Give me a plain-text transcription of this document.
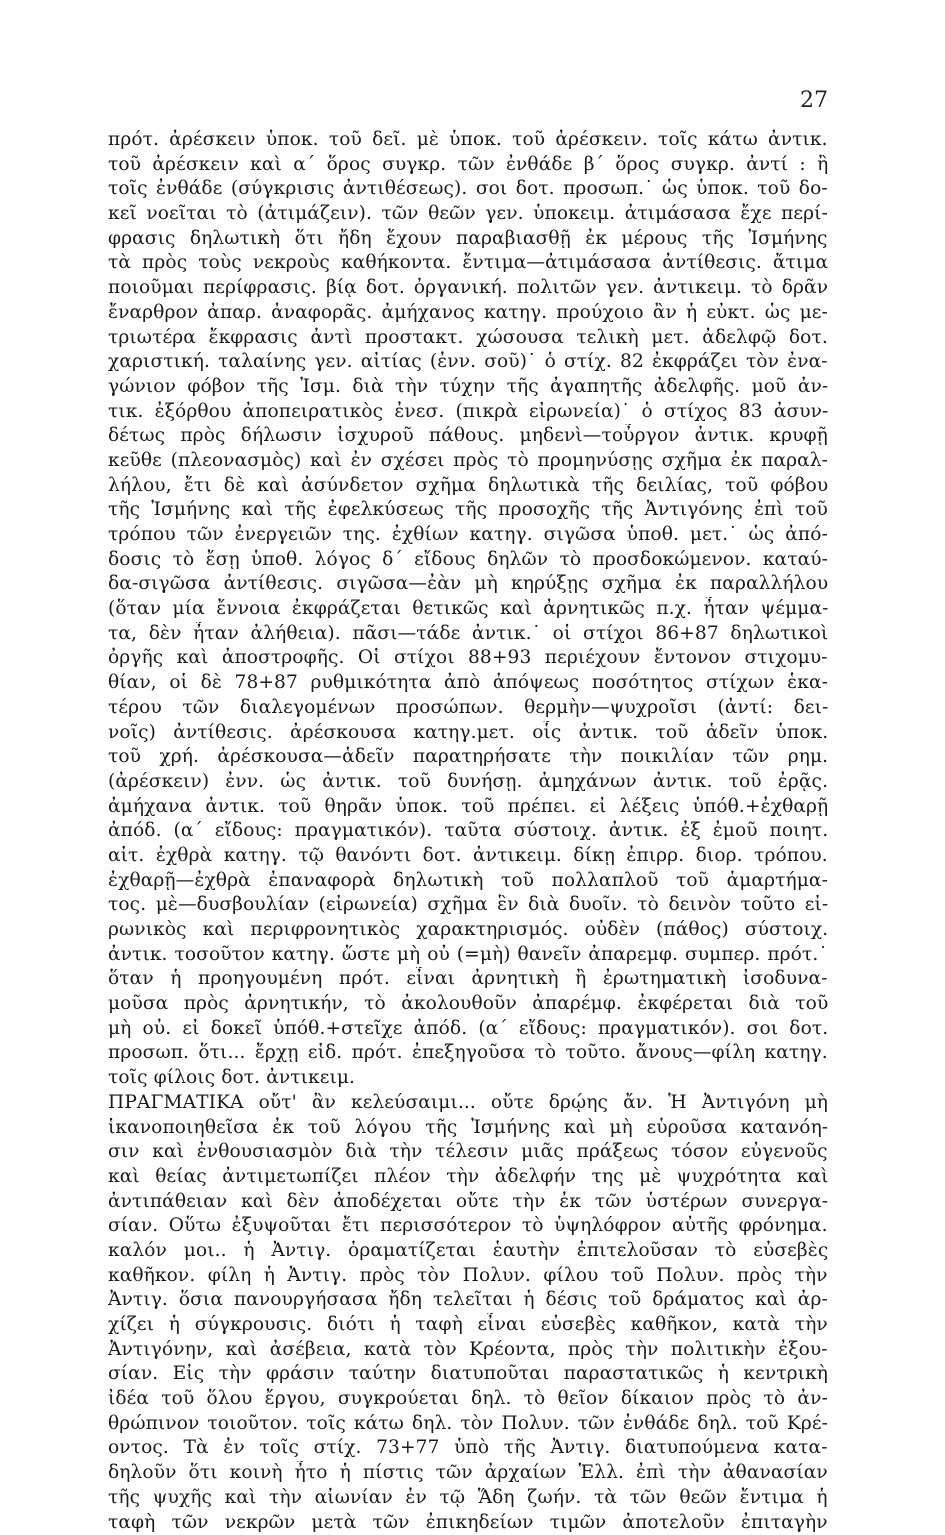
27
πρότ. ἀρέσκειν ὑποκ. τοῦ δεῖ. μὲ ὑποκ. τοῦ ἀρέσκειν. τοῖς κάτω ἀντικ.
τοῦ ἀρέσκειν καὶ α΄ ὅρος συγκρ. τῶν ἐνθάδε β΄ ὅρος συγκρ. ἀντί : ἢ
τοῖς ἐνθάδε (σύγκρισις ἀντιθέσεως). σοι δοτ. προσωπ.˙ ὡς ὑποκ. τοῦ δο-
κεῖ νοεῖται τὸ (ἀτιμάζειν). τῶν θεῶν γεν. ὑποκειμ. ἀτιμάσασα ἔχε περί-
φρασις δηλωτικὴ ὅτι ἤδη ἔχουν παραβιασθῇ ἐκ μέρους τῆς Ἰσμήνης
τὰ πρὸς τοὺς νεκροὺς καθήκοντα. ἔντιμα—ἀτιμάσασα ἀντίθεσις. ἄτιμα
ποιοῦμαι περίφρασις. βίᾳ δοτ. ὀργανική. πολιτῶν γεν. ἀντικειμ. τὸ δρᾶν
ἔναρθρον ἀπαρ. ἀναφορᾶς. ἀμήχανος κατηγ. προύχοιο ἂν ἡ εὐκτ. ὡς με-
τριωτέρα ἔκφρασις ἀντὶ προστακτ. χώσουσα τελικὴ μετ. ἀδελφῷ δοτ.
χαριστική. ταλαίνης γεν. αἰτίας (ἐνν. σοῦ)˙ ὁ στίχ. 82 ἐκφράζει τὸν ἐνα-
γώνιον φόβον τῆς Ἰσμ. διὰ τὴν τύχην τῆς ἀγαπητῆς ἀδελφῆς. μοῦ ἀν-
τικ. ἐξόρθου ἀποπειρατικὸς ἐνεσ. (πικρὰ εἰρωνεία)˙ ὁ στίχος 83 ἀσυν-
δέτως πρὸς δήλωσιν ἰσχυροῦ πάθους. μηδενὶ—τοὖργον ἀντικ. κρυφῇ
κεῦθε (πλεονασμὸς) καὶ ἐν σχέσει πρὸς τὸ προμηνύσῃς σχῆμα ἐκ παραλ-
λήλου, ἔτι δὲ καὶ ἀσύνδετον σχῆμα δηλωτικὰ τῆς δειλίας, τοῦ φόβου
τῆς Ἰσμήνης καὶ τῆς ἐφελκύσεως τῆς προσοχῆς τῆς Ἀντιγόνης ἐπὶ τοῦ
τρόπου τῶν ἐνεργειῶν της. ἐχθίων κατηγ. σιγῶσα ὑποθ. μετ.˙ ὡς ἀπό-
δοσις τὸ ἔσῃ ὑποθ. λόγος δ΄ εἴδους δηλῶν τὸ προσδοκώμενον. καταύ-
δα-σιγῶσα ἀντίθεσις. σιγῶσα—ἐὰν μὴ κηρύξῃς σχῆμα ἐκ παραλλήλου
(ὅταν μία ἔννοια ἐκφράζεται θετικῶς καὶ ἀρνητικῶς π.χ. ἦταν ψέμμα-
τα, δὲν ἦταν ἀλήθεια). πᾶσι—τάδε ἀντικ.˙ οἱ στίχοι 86+87 δηλωτικοὶ
ὀργῆς καὶ ἀποστροφῆς. Οἱ στίχοι 88+93 περιέχουν ἔντονον στιχομυ-
θίαν, οἱ δὲ 78+87 ρυθμικότητα ἀπὸ ἀπόψεως ποσότητος στίχων ἑκα-
τέρου τῶν διαλεγομένων προσώπων. θερμὴν—ψυχροῖσι (ἀντί: δει-
νοῖς) ἀντίθεσις. ἀρέσκουσα κατηγ.μετ. οἷς ἀντικ. τοῦ ἁδεῖν ὑποκ.
τοῦ χρή. ἀρέσκουσα—ἁδεῖν παρατηρήσατε τὴν ποικιλίαν τῶν ρημ.
(ἀρέσκειν) ἐνν. ὡς ἀντικ. τοῦ δυνήσῃ. ἀμηχάνων ἀντικ. τοῦ ἐρᾷς.
ἀμήχανα ἀντικ. τοῦ θηρᾶν ὑποκ. τοῦ πρέπει. εἰ λέξεις ὑπόθ.+ἐχθαρῇ
ἀπόδ. (α΄ εἴδους: πραγματικόν). ταῦτα σύστοιχ. ἀντικ. ἐξ ἐμοῦ ποιητ.
αἰτ. ἐχθρὰ κατηγ. τῷ θανόντι δοτ. ἀντικειμ. δίκῃ ἐπιρρ. διορ. τρόπου.
ἐχθαρῇ—ἐχθρὰ ἐπαναφορὰ δηλωτικὴ τοῦ πολλαπλοῦ τοῦ ἁμαρτήμα-
τος. μὲ—δυσβουλίαν (εἰρωνεία) σχῆμα ἓν διὰ δυοῖν. τὸ δεινὸν τοῦτο εἰ-
ρωνικὸς καὶ περιφρονητικὸς χαρακτηρισμός. οὐδὲν (πάθος) σύστοιχ.
ἀντικ. τοσοῦτον κατηγ. ὥστε μὴ οὐ (=μὴ) θανεῖν ἀπαρεμφ. συμπερ. πρότ.˙
ὅταν ἡ προηγουμένη πρότ. εἶναι ἀρνητικὴ ἢ ἐρωτηματικὴ ἰσοδυνα-
μοῦσα πρὸς ἀρνητικήν, τὸ ἀκολουθοῦν ἀπαρέμφ. ἐκφέρεται διὰ τοῦ
μὴ οὐ. εἰ δοκεῖ ὑπόθ.+στεῖχε ἀπόδ. (α΄ εἴδους: πραγματικόν). σοι δοτ.
προσωπ. ὅτι... ἔρχῃ εἰδ. πρότ. ἐπεξηγοῦσα τὸ τοῦτο. ἄνους—φίλη κατηγ.
τοῖς φίλοις δοτ. ἀντικειμ.
ΠΡΑΓΜΑΤΙΚΑ οὔτ' ἂν κελεύσαιμι... οὔτε δρῴης ἄν. Ἡ Ἀντιγόνη μὴ
ἱκανοποιηθεῖσα ἐκ τοῦ λόγου τῆς Ἰσμήνης καὶ μὴ εὑροῦσα κατανόη-
σιν καὶ ἐνθουσιασμὸν διὰ τὴν τέλεσιν μιᾶς πράξεως τόσον εὐγενοῦς
καὶ θείας ἀντιμετωπίζει πλέον τὴν ἀδελφήν της μὲ ψυχρότητα καὶ
ἀντιπάθειαν καὶ δὲν ἀποδέχεται οὔτε τὴν ἐκ τῶν ὑστέρων συνεργα-
σίαν. Οὕτω ἐξυψοῦται ἔτι περισσότερον τὸ ὑψηλόφρον αὐτῆς φρόνημα.
καλόν μοι.. ἡ Ἀντιγ. ὁραματίζεται ἑαυτὴν ἐπιτελοῦσαν τὸ εὐσεβὲς
καθῆκον. φίλη ἡ Ἀντιγ. πρὸς τὸν Πολυν. φίλου τοῦ Πολυν. πρὸς τὴν
Ἀντιγ. ὅσια πανουργήσασα ἤδη τελεῖται ἡ δέσις τοῦ δράματος καὶ ἀρ-
χίζει ἡ σύγκρουσις. διότι ἡ ταφὴ εἶναι εὐσεβὲς καθῆκον, κατὰ τὴν
Ἀντιγόνην, καὶ ἀσέβεια, κατὰ τὸν Κρέοντα, πρὸς τὴν πολιτικὴν ἐξου-
σίαν. Εἰς τὴν φράσιν ταύτην διατυποῦται παραστατικῶς ἡ κεντρικὴ
ἰδέα τοῦ ὅλου ἔργου, συγκρούεται δηλ. τὸ θεῖον δίκαιον πρὸς τὸ ἀν-
θρώπινον τοιοῦτον. τοῖς κάτω δηλ. τὸν Πολυν. τῶν ἐνθάδε δηλ. τοῦ Κρέ-
οντος. Τὰ ἐν τοῖς στίχ. 73+77 ὑπὸ τῆς Ἀντιγ. διατυπούμενα κατα-
δηλοῦν ὅτι κοινὴ ἦτο ἡ πίστις τῶν ἀρχαίων Ἑλλ. ἐπὶ τὴν ἀθανασίαν
τῆς ψυχῆς καὶ τὴν αἰωνίαν ἐν τῷ Ἅδη ζωήν. τὰ τῶν θεῶν ἔντιμα ἡ
ταφὴ τῶν νεκρῶν μετὰ τῶν ἐπικηδείων τιμῶν ἀποτελοῦν ἐπιταγὴν
